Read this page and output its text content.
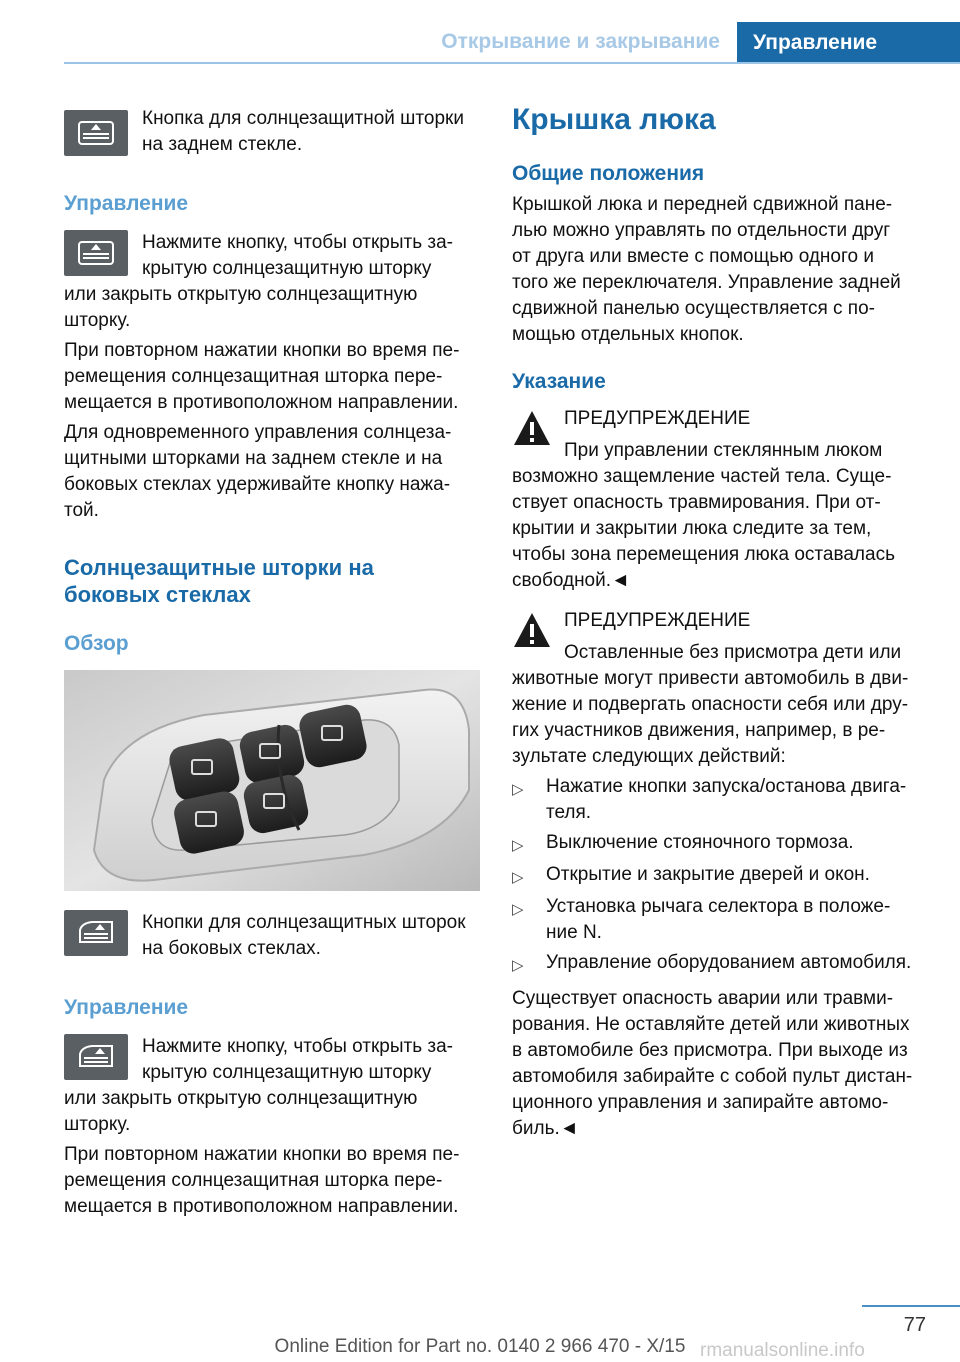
Открывание и закрывание	Управление

Кнопка для солнцезащитной шторки

на заднем стекле.

Управление

Нажмите кнопку, чтобы открыть за-

крытую солнцезащитную шторку

или закрыть открытую солнцезащитную

шторку.

При повторном нажатии кнопки во время пе-

ремещения солнцезащитная шторка пере-

мещается в противоположном направлении.

Для одновременного управления солнцеза-

щитными шторками на заднем стекле и на

боковых стеклах удерживайте кнопку нажа-

той.

Солнцезащитные шторки на

боковых стеклах

Обзор

Кнопки для солнцезащитных шторок

на боковых стеклах.

Управление

Нажмите кнопку, чтобы открыть за-

крытую солнцезащитную шторку

или закрыть открытую солнцезащитную

шторку.

При повторном нажатии кнопки во время пе-

ремещения солнцезащитная шторка пере-

мещается в противоположном направлении.

Крышка люка

Общие положения

Крышкой люка и передней сдвижной пане-

лью можно управлять по отдельности друг

от друга или вместе с помощью одного и

того же переключателя. Управление задней

сдвижной панелью осуществляется с по-

мощью отдельных кнопок.

Указание

ПРЕДУПРЕЖДЕНИЕ

При управлении стеклянным люком

возможно защемление частей тела. Суще-

ствует опасность травмирования. При от-

крытии и закрытии люка следите за тем,

чтобы зона перемещения люка оставалась

свободной.◄

ПРЕДУПРЕЖДЕНИЕ

Оставленные без присмотра дети или

животные могут привести автомобиль в дви-

жение и подвергать опасности себя или дру-

гих участников движения, например, в ре-

зультате следующих действий:

▷ Нажатие кнопки запуска/останова двига-

теля.

▷ Выключение стояночного тормоза.

▷ Открытие и закрытие дверей и окон.

▷ Установка рычага селектора в положе-

ние N.

▷ Управление оборудованием автомобиля.

Существует опасность аварии или травми-

рования. Не оставляйте детей или животных

в автомобиле без присмотра. При выходе из

автомобиля забирайте с собой пульт дистан-

ционного управления и запирайте автомо-

биль.◄

77
Online Edition for Part no. 0140 2 966 470 - X/15 rmanualsonline.info
